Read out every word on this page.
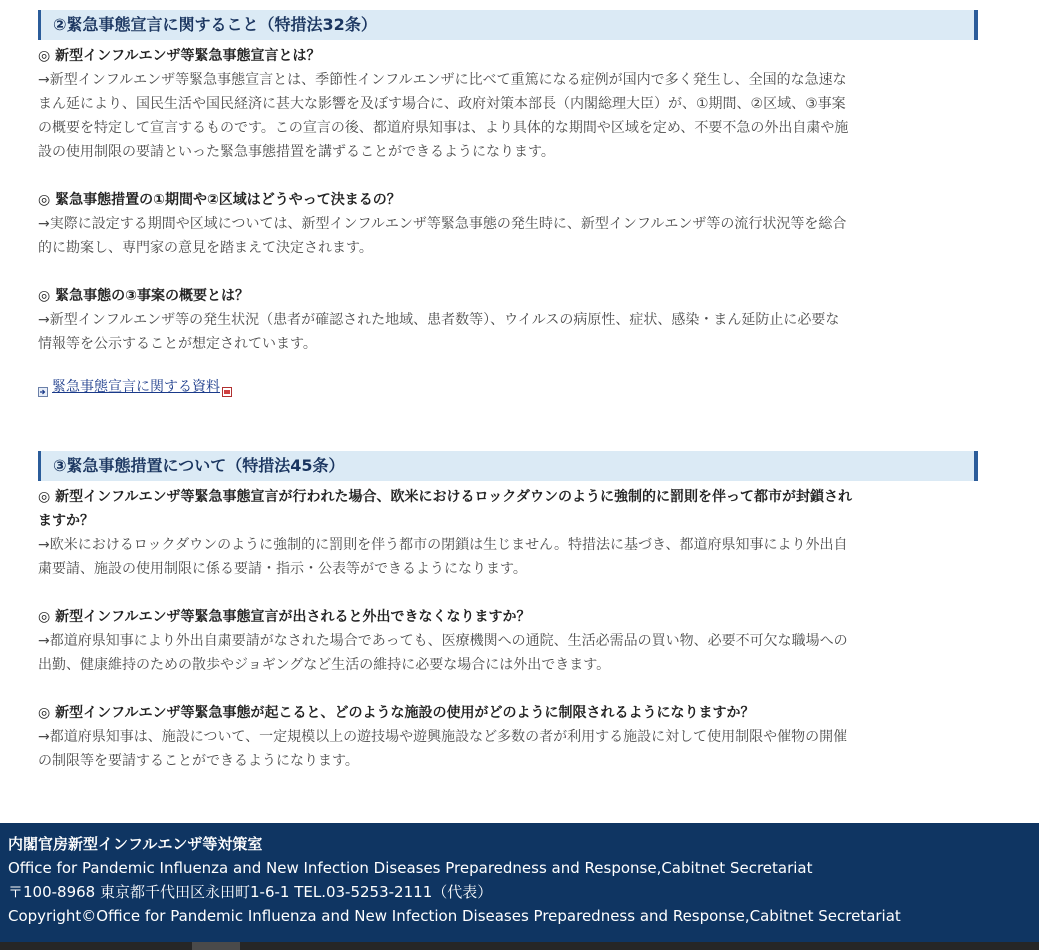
②緊急事態宣言に関すること（特措法32条）

◎ 新型インフルエンザ等緊急事態宣言とは？

→新型インフルエンザ等緊急事態宣言とは、季節性インフルエンザに比べて重篤になる症例が国内で多く発生し、全国的な急速な

まん延により、国民生活や国民経済に甚大な影響を及ぼす場合に、政府対策本部長（内閣総理大臣）が、①期間、②区域、③事案

の概要を特定して宣言するものです。この宣言の後、都道府県知事は、より具体的な期間や区域を定め、不要不急の外出自粛や施

設の使用制限の要請といった緊急事態措置を講ずることができるようになります。

◎ 緊急事態措置の①期間や②区域はどうやって決まるの？

→実際に設定する期間や区域については、新型インフルエンザ等緊急事態の発生時に、新型インフルエンザ等の流行状況等を総合

的に勘案し、専門家の意見を踏まえて決定されます。

◎ 緊急事態の③事案の概要とは？

→新型インフルエンザ等の発生状況（患者が確認された地域、患者数等）、ウイルスの病原性、症状、感染・まん延防止に必要な

情報等を公示することが想定されています。

緊急事態宣言に関する資料
③緊急事態措置について（特措法45条）

◎ 新型インフルエンザ等緊急事態宣言が行われた場合、欧米におけるロックダウンのように強制的に罰則を伴って都市が封鎖され

ますか？

→欧米におけるロックダウンのように強制的に罰則を伴う都市の閉鎖は生じません。特措法に基づき、都道府県知事により外出自

粛要請、施設の使用制限に係る要請・指示・公表等ができるようになります。

◎ 新型インフルエンザ等緊急事態宣言が出されると外出できなくなりますか？

→都道府県知事により外出自粛要請がなされた場合であっても、医療機関への通院、生活必需品の買い物、必要不可欠な職場への

出勤、健康維持のための散歩やジョギングなど生活の維持に必要な場合には外出できます。

◎ 新型インフルエンザ等緊急事態が起こると、どのような施設の使用がどのように制限されるようになりますか？

→都道府県知事は、施設について、一定規模以上の遊技場や遊興施設など多数の者が利用する施設に対して使用制限や催物の開催

の制限等を要請することができるようになります。

内閣官房新型インフルエンザ等対策室
Office for Pandemic Influenza and New Infection Diseases Preparedness and Response,Cabitnet Secretariat
〒100-8968 東京都千代田区永田町1-6-1 TEL.03-5253-2111（代表）
Copyright©Office for Pandemic Influenza and New Infection Diseases Preparedness and Response,Cabitnet Secretariat
